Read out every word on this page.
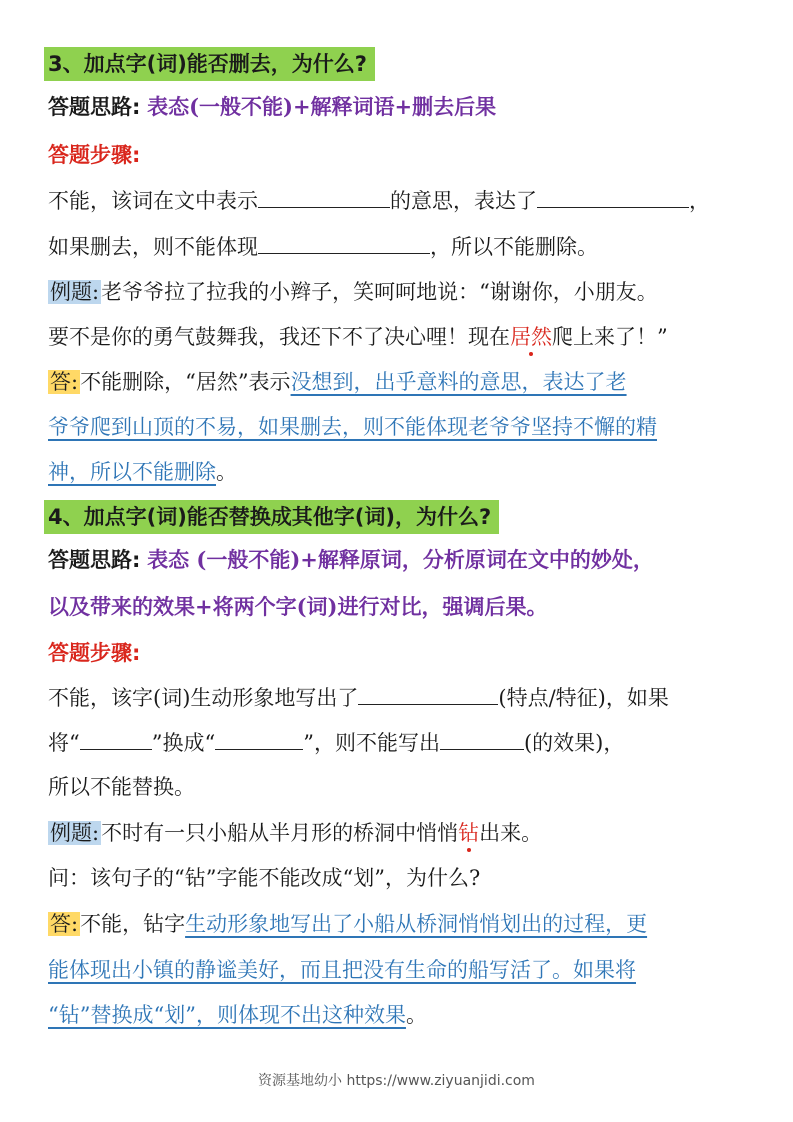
3、加点字(词)能否删去，为什么?
答题思路: 表态(一般不能)+解释词语+删去后果
答题步骤:
不能，该词在文中表示	的意思，表达了	，
如果删去，则不能体现	，所以不能删除。
例题:老爷爷拉了拉我的小辫子，笑呵呵地说：“谢谢你，小朋友。
要不是你的勇气鼓舞我，我还下不了决心哩！现在居然爬上来了！”
答:不能删除，“居然”表示没想到，出乎意料的意思，表达了老
爷爷爬到山顶的不易，如果删去，则不能体现老爷爷坚持不懈的精
神，所以不能删除。
4、加点字(词)能否替换成其他字(词)，为什么?
答题思路: 表态 (一般不能)+解释原词，分析原词在文中的妙处，
以及带来的效果+将两个字(词)进行对比，强调后果。
答题步骤:
不能，该字(词)生动形象地写出了	(特点/特征)，如果
将“	”换成“	”，则不能写出	(的效果)，
所以不能替换。
例题:不时有一只小船从半月形的桥洞中悄悄钻出来。
问：该句子的“钻”字能不能改成“划”，为什么?
答:不能，钻字生动形象地写出了小船从桥洞悄悄划出的过程，更
能体现出小镇的静谧美好，而且把没有生命的船写活了。如果将
“钻”替换成“划”，则体现不出这种效果。
资源基地幼小 https://www.ziyuanjidi.com
